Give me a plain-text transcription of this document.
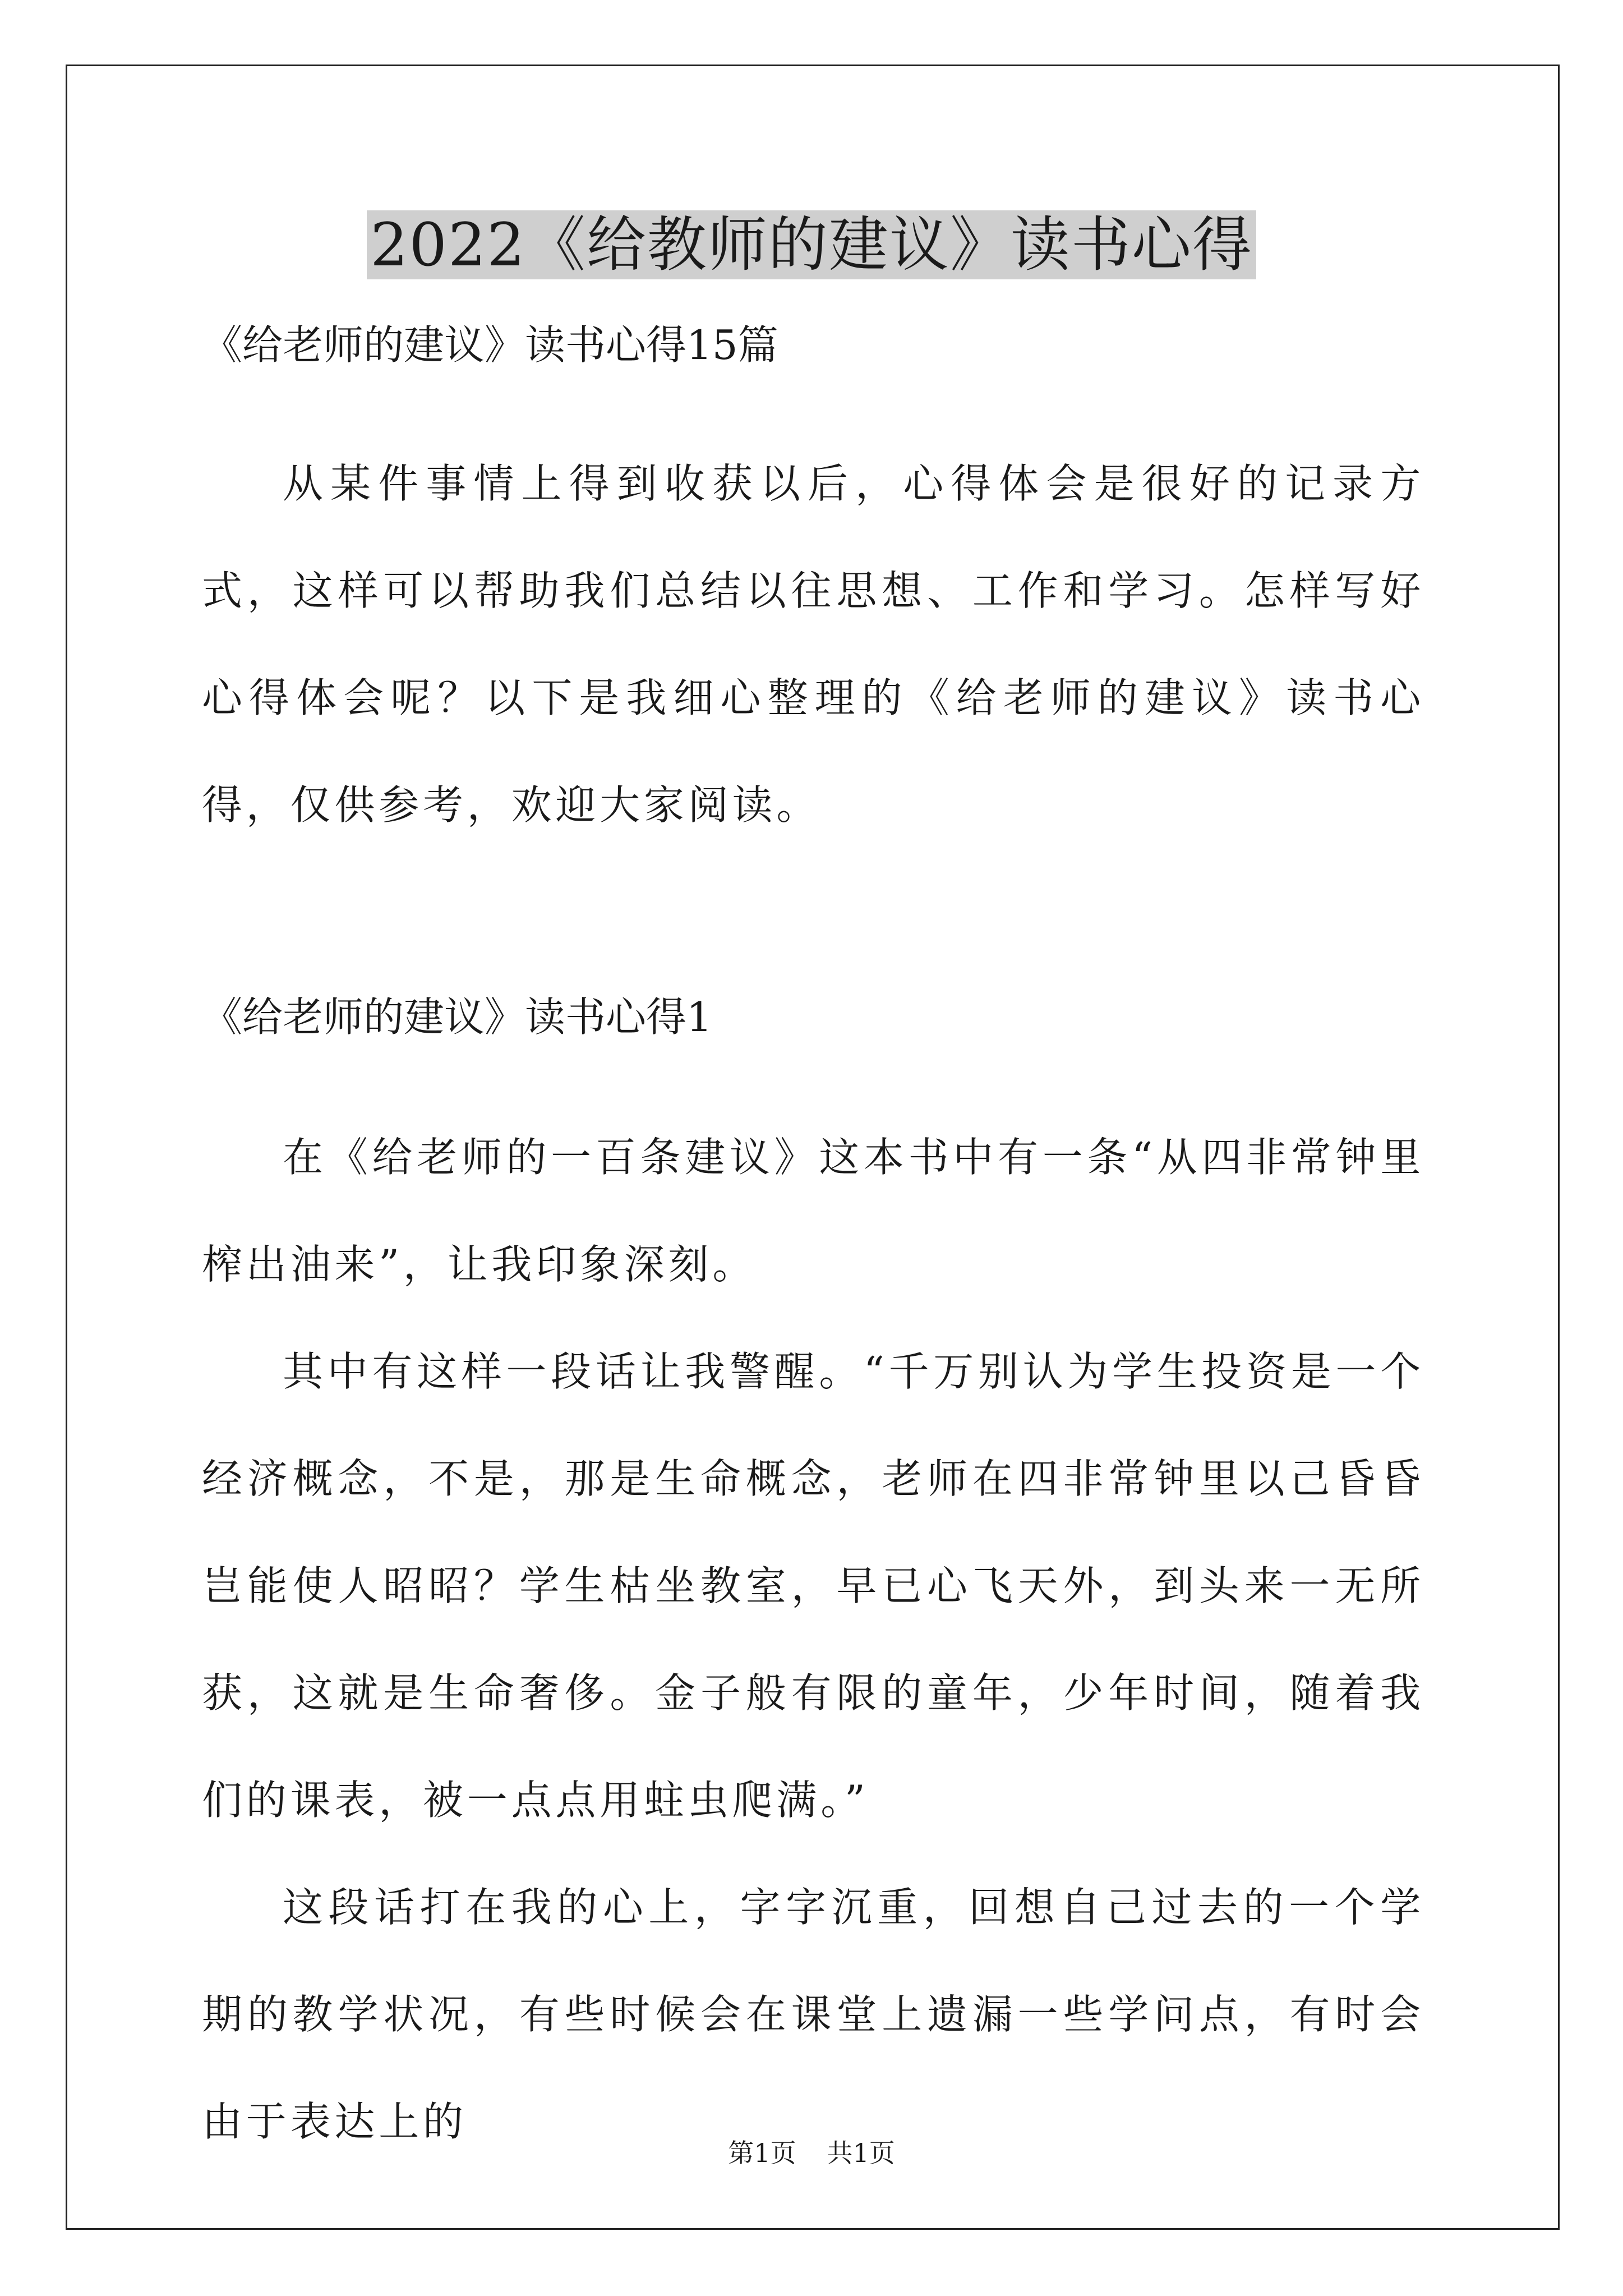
2022《给教师的建议》读书心得

《给老师的建议》读书心得15篇

从某件事情上得到收获以后，心得体会是很好的记录方式，这样可以帮助我们总结以往思想、工作和学习。怎样写好心得体会呢？以下是我细心整理的《给老师的建议》读书心得，仅供参考，欢迎大家阅读。

《给老师的建议》读书心得1

在《给老师的一百条建议》这本书中有一条“从四非常钟里榨出油来”，让我印象深刻。

其中有这样一段话让我警醒。“千万别认为学生投资是一个经济概念，不是，那是生命概念，老师在四非常钟里以己昏昏岂能使人昭昭？学生枯坐教室，早已心飞天外，到头来一无所获，这就是生命奢侈。金子般有限的童年，少年时间，随着我们的课表，被一点点用蛀虫爬满。”

这段话打在我的心上，字字沉重，回想自己过去的一个学期的教学状况，有些时候会在课堂上遗漏一些学问点，有时会由于表达上的

第1页 共1页
